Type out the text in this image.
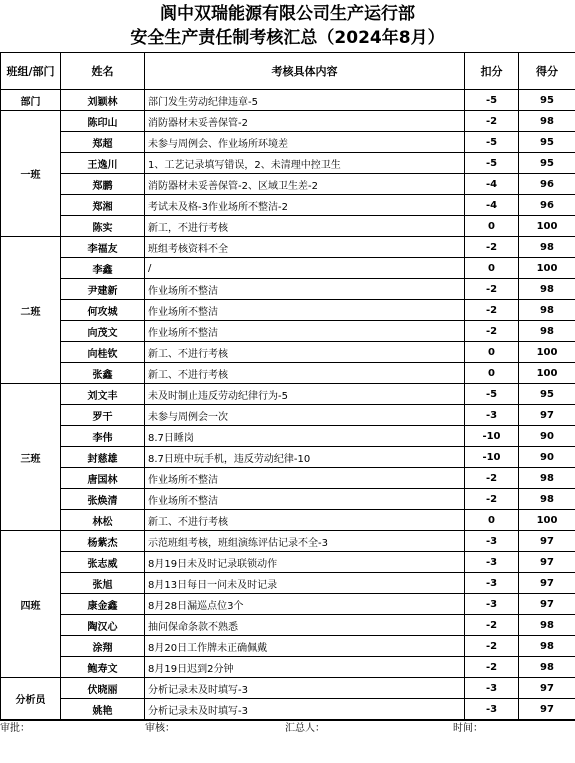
阆中双瑞能源有限公司生产运行部
安全生产责任制考核汇总（2024年8月）
班组/部门	姓名	考核具体内容	扣分	得分
部门	刘颖林	部门发生劳动纪律违章-5	-5	95
一班	陈印山	消防器材未妥善保管-2	-2	98
	郑超	未参与周例会、作业场所环境差	-5	95
	王逸川	1、工艺记录填写错误，2、未清理中控卫生	-5	95
	郑鹏	消防器材未妥善保管-2、区域卫生差-2	-4	96
	郑湘	考试未及格-3作业场所不整洁-2	-4	96
	陈实	新工，不进行考核	0	100
二班	李福友	班组考核资料不全	-2	98
	李鑫	/	0	100
	尹建新	作业场所不整洁	-2	98
	何攻城	作业场所不整洁	-2	98
	向茂文	作业场所不整洁	-2	98
	向桂钦	新工、不进行考核	0	100
	张鑫	新工、不进行考核	0	100
三班	刘文丰	未及时制止违反劳动纪律行为-5	-5	95
	罗干	未参与周例会一次	-3	97
	李伟	8.7日睡岗	-10	90
	封慈雄	8.7日班中玩手机，违反劳动纪律-10	-10	90
	唐国林	作业场所不整洁	-2	98
	张焕清	作业场所不整洁	-2	98
	林松	新工、不进行考核	0	100
四班	杨紫杰	示范班组考核，班组演练评估记录不全-3	-3	97
	张志威	8月19日未及时记录联锁动作	-3	97
	张旭	8月13日每日一问未及时记录	-3	97
	康金鑫	8月28日漏巡点位3个	-3	97
	陶汉心	抽问保命条款不熟悉	-2	98
	涂翔	8月20日工作牌未正确佩戴	-2	98
	鲍寿文	8月19日迟到2分钟	-2	98
分析员	伏晓丽	分析记录未及时填写-3	-3	97
	姚艳	分析记录未及时填写-3	-3	97
审批：	审核：	汇总人：	时间：
